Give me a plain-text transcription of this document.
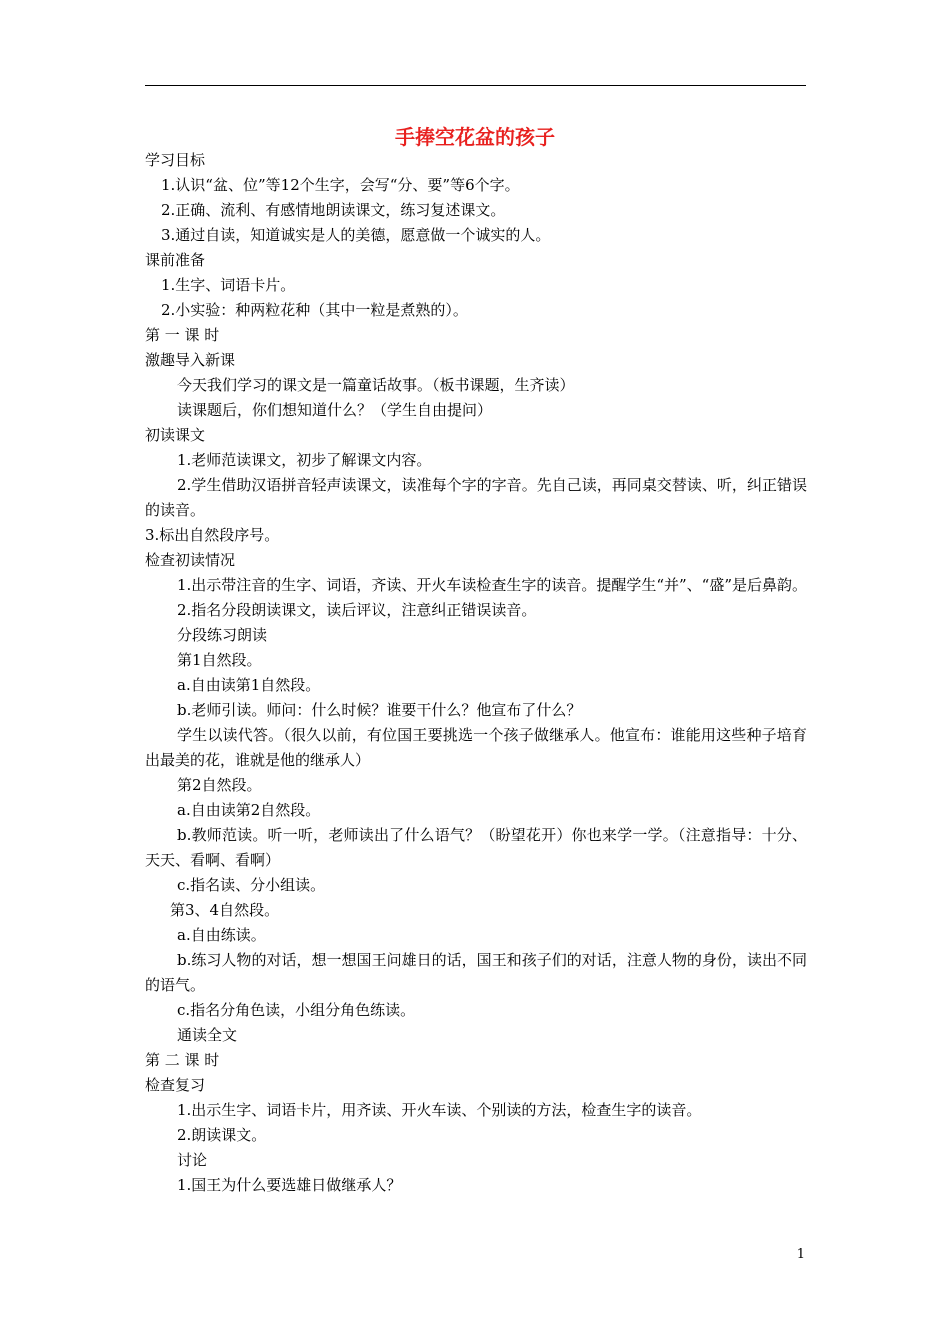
手捧空花盆的孩子

学习目标

1.认识“盆、位”等12个生字，会写“分、要”等6个字。

2.正确、流利、有感情地朗读课文，练习复述课文。

3.通过自读，知道诚实是人的美德，愿意做一个诚实的人。

课前准备

1.生字、词语卡片。

2.小实验：种两粒花种（其中一粒是煮熟的）。

第 一 课 时

激趣导入新课

今天我们学习的课文是一篇童话故事。（板书课题，生齐读）

读课题后，你们想知道什么？（学生自由提问）

初读课文

1.老师范读课文，初步了解课文内容。

2.学生借助汉语拼音轻声读课文，读准每个字的字音。先自己读，再同桌交替读、听，纠正错误的读音。

3.标出自然段序号。

检查初读情况

1.出示带注音的生字、词语，齐读、开火车读检查生字的读音。提醒学生“并”、“盛”是后鼻韵。

2.指名分段朗读课文，读后评议，注意纠正错误读音。

分段练习朗读

第1自然段。

a.自由读第1自然段。

b.老师引读。师问：什么时候？谁要干什么？他宣布了什么？

学生以读代答。（很久以前，有位国王要挑选一个孩子做继承人。他宣布：谁能用这些种子培育出最美的花，谁就是他的继承人）

第2自然段。

a.自由读第2自然段。

b.教师范读。听一听，老师读出了什么语气？（盼望花开）你也来学一学。（注意指导：十分、天天、看啊、看啊）

c.指名读、分小组读。

第3、4自然段。

a.自由练读。

b.练习人物的对话，想一想国王问雄日的话，国王和孩子们的对话，注意人物的身份，读出不同的语气。

c.指名分角色读，小组分角色练读。

通读全文

第 二 课 时

检查复习

1.出示生字、词语卡片，用齐读、开火车读、个别读的方法，检查生字的读音。

2.朗读课文。

讨论

1.国王为什么要选雄日做继承人？

1
